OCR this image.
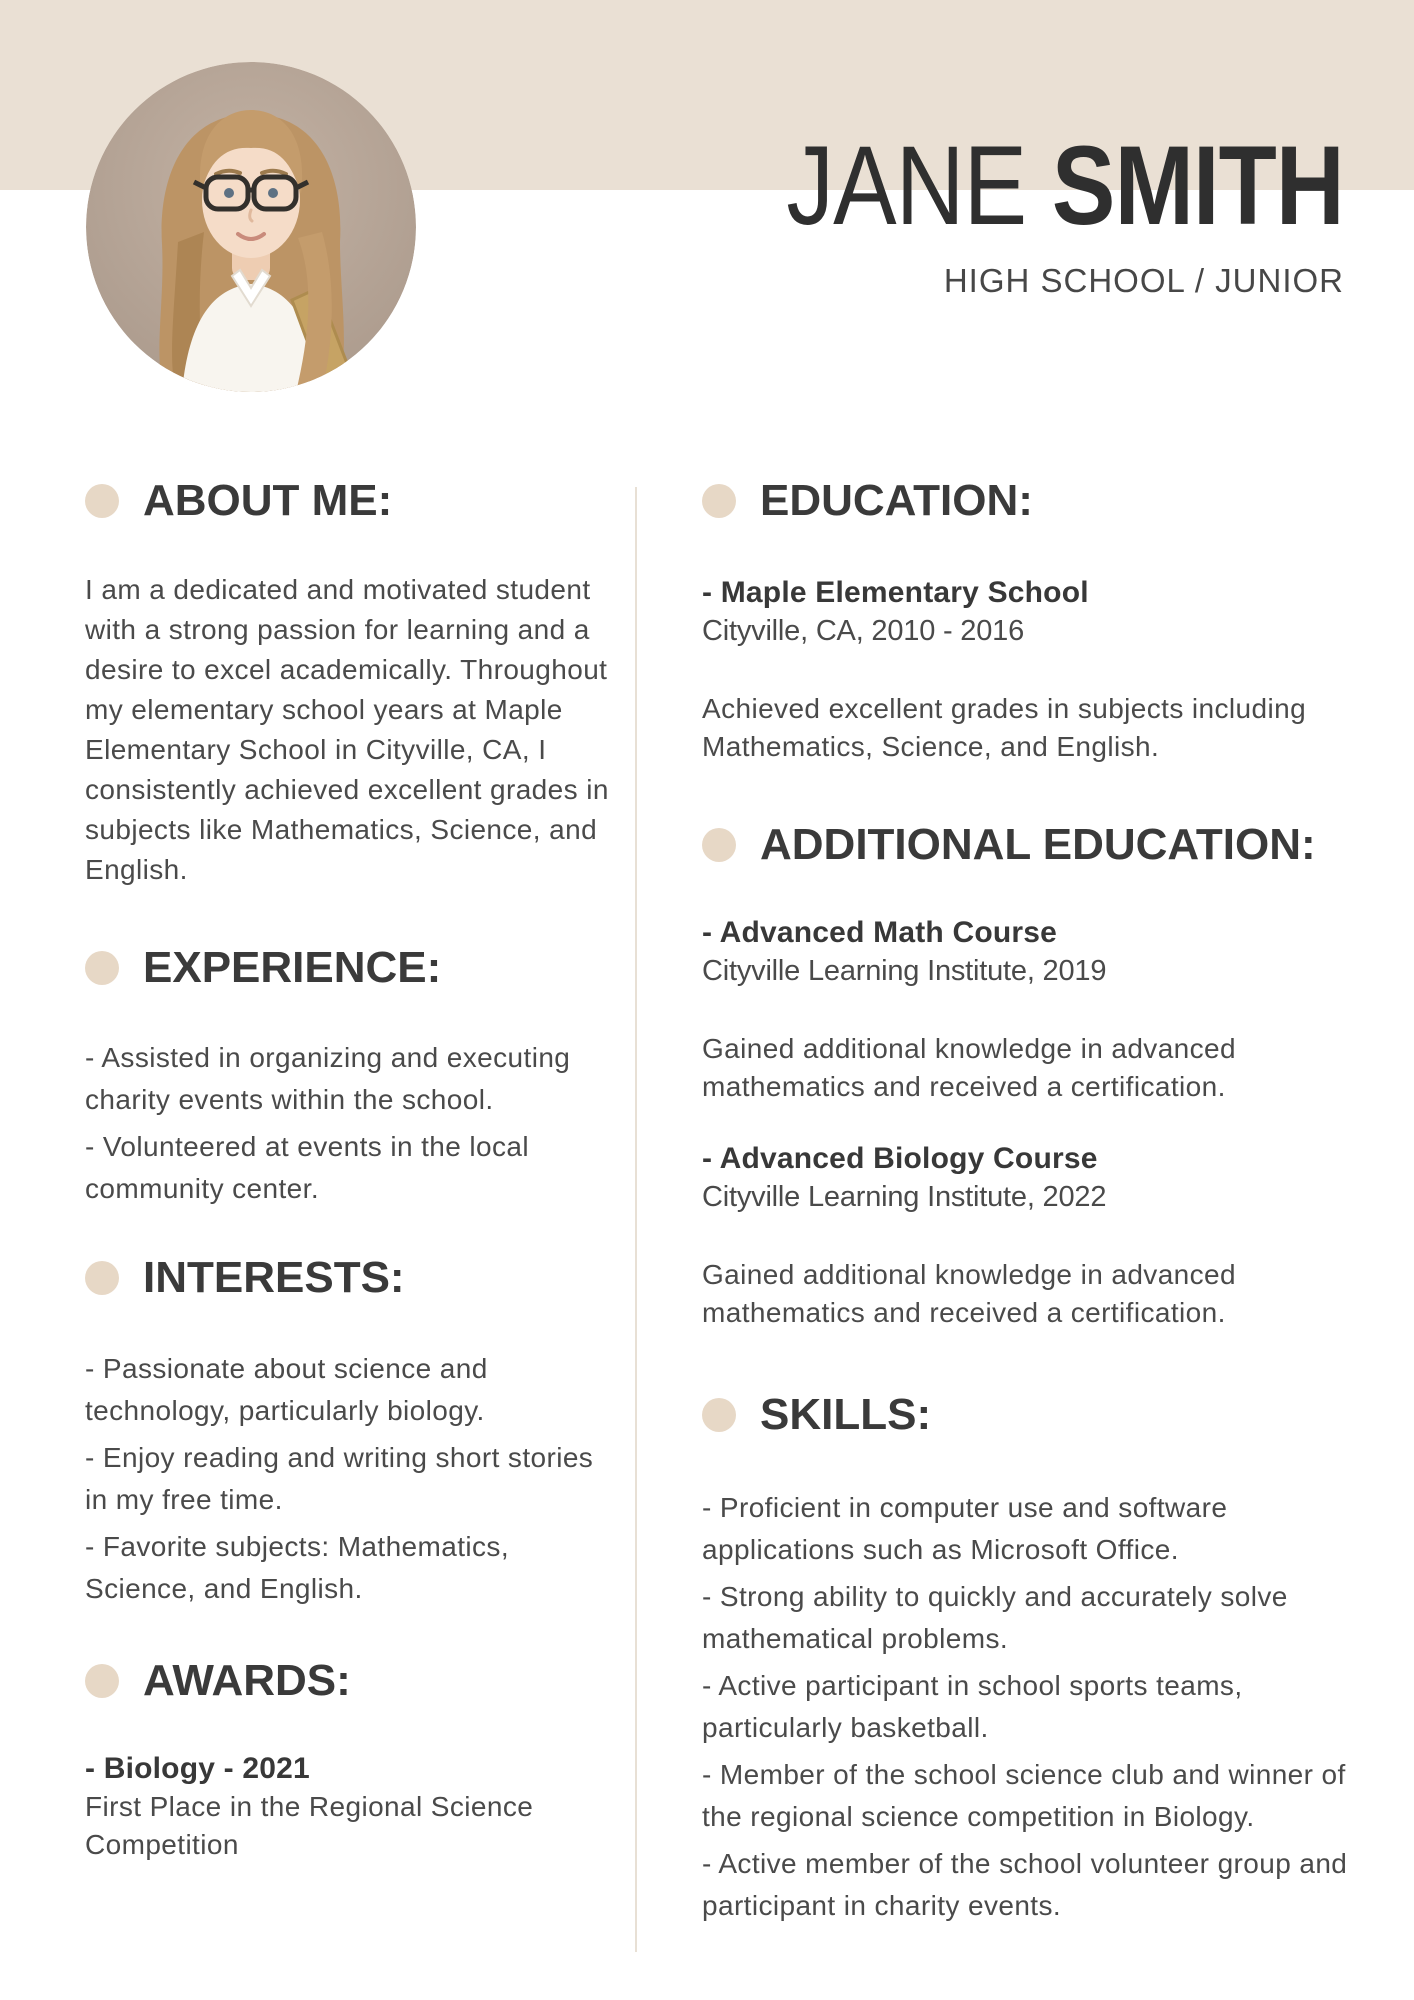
JANE SMITH
HIGH SCHOOL / JUNIOR
ABOUT ME:

I am a dedicated and motivated student with a strong passion for learning and a desire to excel academically. Throughout my elementary school years at Maple Elementary School in Cityville, CA, I consistently achieved excellent grades in subjects like Mathematics, Science, and English.

EXPERIENCE:
- Assisted in organizing and executing charity events within the school.
- Volunteered at events in the local community center.
INTERESTS:
- Passionate about science and technology, particularly biology.
- Enjoy reading and writing short stories in my free time.
- Favorite subjects: Mathematics, Science, and English.
AWARDS:
- Biology - 2021
First Place in the Regional Science Competition
EDUCATION:
- Maple Elementary School
Cityville, CA, 2010 - 2016
Achieved excellent grades in subjects including Mathematics, Science, and English.
ADDITIONAL EDUCATION:
- Advanced Math Course
Cityville Learning Institute, 2019
Gained additional knowledge in advanced mathematics and received a certification.
- Advanced Biology Course
Cityville Learning Institute, 2022
Gained additional knowledge in advanced mathematics and received a certification.
SKILLS:
- Proficient in computer use and software applications such as Microsoft Office.
- Strong ability to quickly and accurately solve mathematical problems.
- Active participant in school sports teams, particularly basketball.
- Member of the school science club and winner of the regional science competition in Biology.
- Active member of the school volunteer group and participant in charity events.
